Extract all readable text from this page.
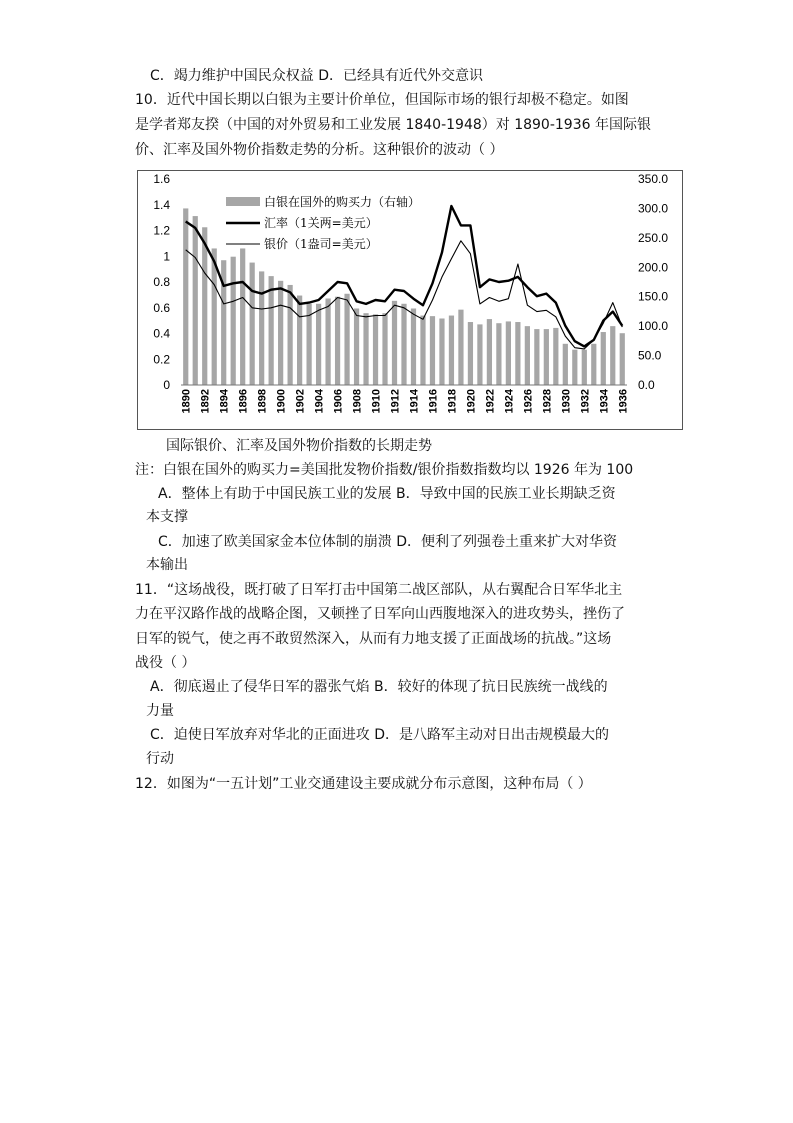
C．竭力维护中国民众权益 D．已经具有近代外交意识
10．近代中国长期以白银为主要计价单位，但国际市场的银行却极不稳定。如图
是学者郑友揆（中国的对外贸易和工业发展 1840-1948）对 1890-1936 年国际银
价、汇率及国外物价指数走势的分析。这种银价的波动（ ）
0
0.2
0.4
0.6
0.8
1
1.2
1.4
1.6
0.0
50.0
100.0
150.0
200.0
250.0
300.0
350.0
1890 1892 1894 1896 1898 1900 1902 1904 1906 1908 1910 1912 1914 1916 1918 1920 1922 1924 1926 1928 1930 1932 1934 1936
白银在国外的购买力（右轴）
汇率（1关两=美元）
银价（1盎司=美元）
国际银价、汇率及国外物价指数的长期走势
注：白银在国外的购买力=美国批发物价指数/银价指数指数均以 1926 年为 100
A．整体上有助于中国民族工业的发展 B．导致中国的民族工业长期缺乏资
本支撑
C．加速了欧美国家金本位体制的崩溃 D．便利了列强卷土重来扩大对华资
本输出
11．“这场战役，既打破了日军打击中国第二战区部队，从右翼配合日军华北主
力在平汉路作战的战略企图，又顿挫了日军向山西腹地深入的进攻势头，挫伤了
日军的锐气，使之再不敢贸然深入，从而有力地支援了正面战场的抗战。”这场
战役（ ）
A．彻底遏止了侵华日军的嚣张气焰 B．较好的体现了抗日民族统一战线的
力量
C．迫使日军放弃对华北的正面进攻 D．是八路军主动对日出击规模最大的
行动
12．如图为“一五计划”工业交通建设主要成就分布示意图，这种布局（ ）
